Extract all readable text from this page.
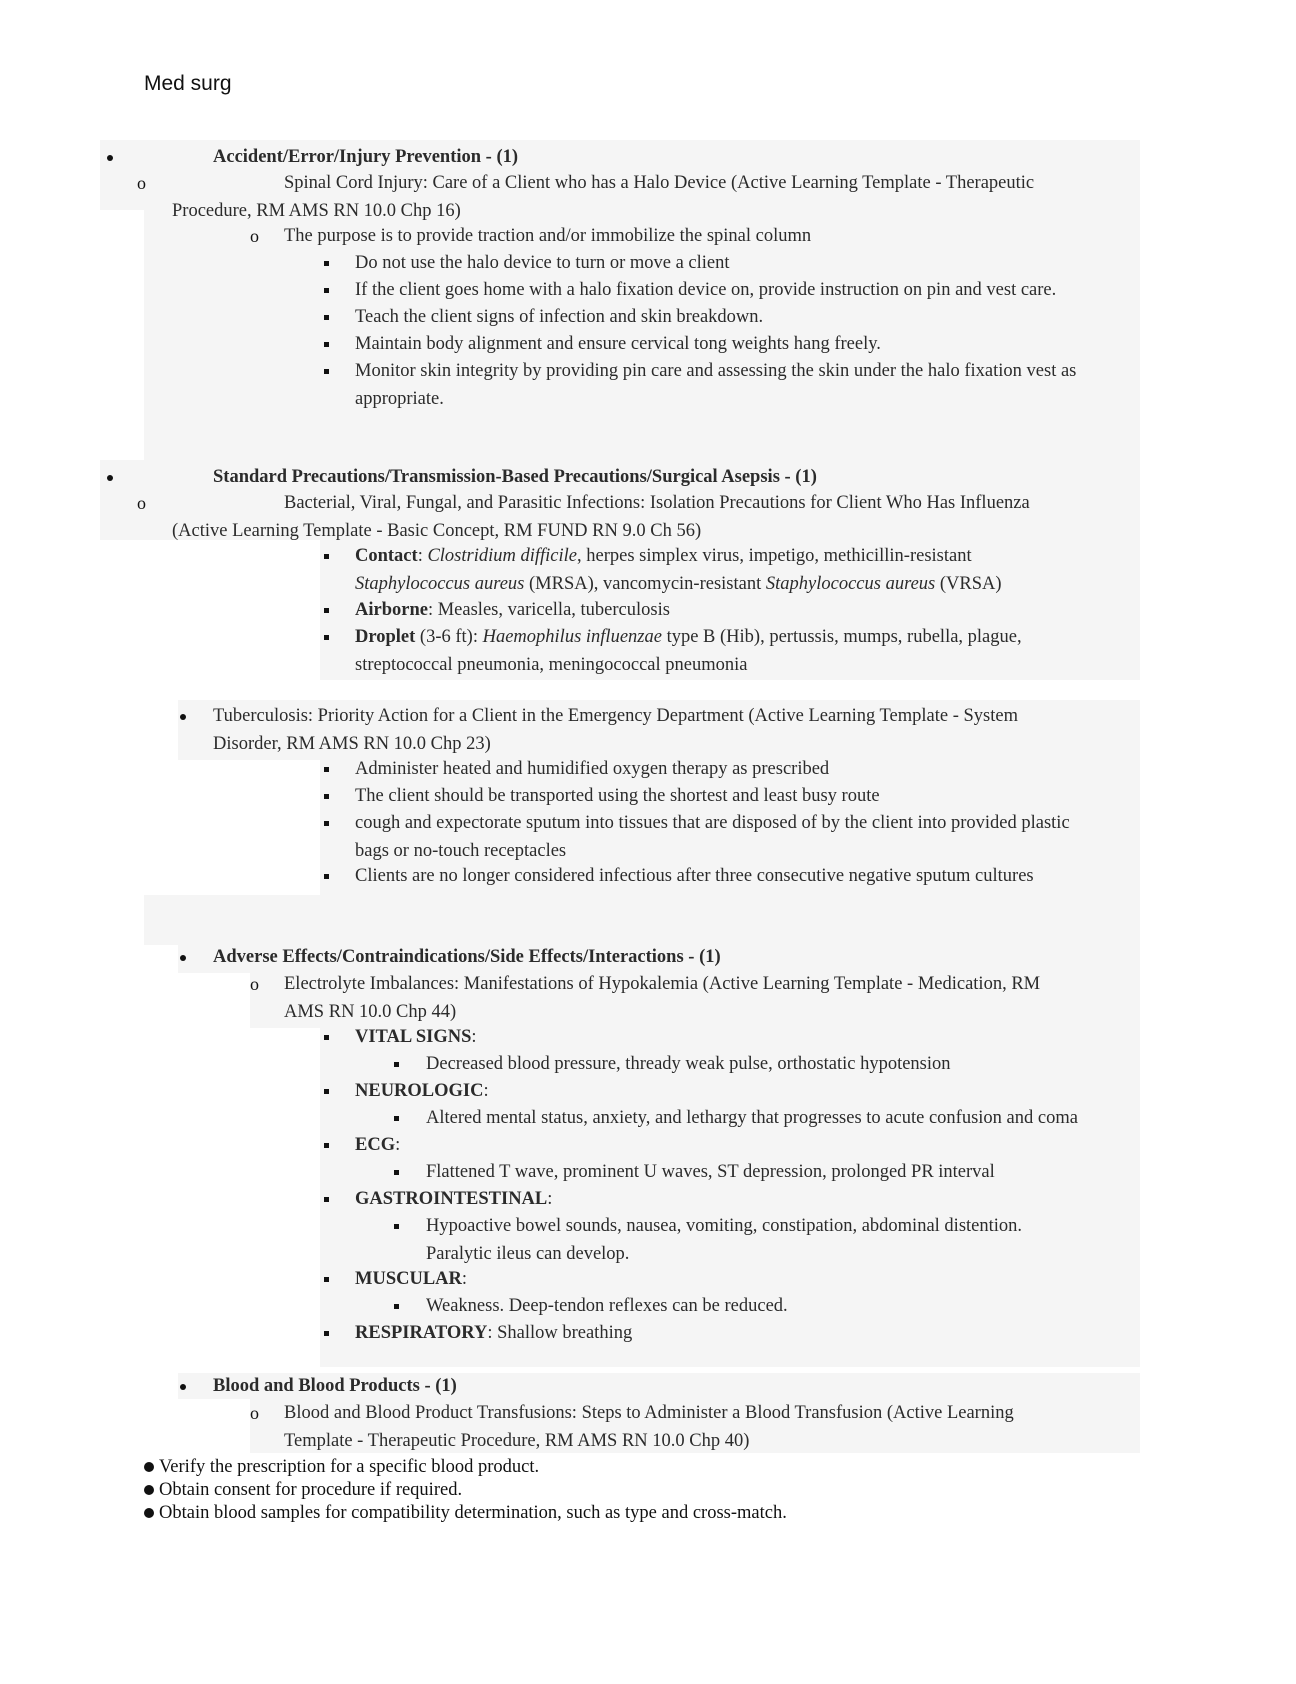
Med surg
Accident/Error/Injury Prevention - (1)
o	Spinal Cord Injury: Care of a Client who has a Halo Device (Active Learning Template - Therapeutic
Procedure, RM AMS RN 10.0 Chp 16)
o The purpose is to provide traction and/or immobilize the spinal column
Do not use the halo device to turn or move a client
If the client goes home with a halo fixation device on, provide instruction on pin and vest care.
Teach the client signs of infection and skin breakdown.
Maintain body alignment and ensure cervical tong weights hang freely.
Monitor skin integrity by providing pin care and assessing the skin under the halo fixation vest as
appropriate.
Standard Precautions/Transmission-Based Precautions/Surgical Asepsis - (1)
o	Bacterial, Viral, Fungal, and Parasitic Infections: Isolation Precautions for Client Who Has Influenza
(Active Learning Template - Basic Concept, RM FUND RN 9.0 Ch 56)
Contact: Clostridium difficile, herpes simplex virus, impetigo, methicillin-resistant
Staphylococcus aureus (MRSA), vancomycin-resistant Staphylococcus aureus (VRSA)
Airborne: Measles, varicella, tuberculosis
Droplet (3-6 ft): Haemophilus influenzae type B (Hib), pertussis, mumps, rubella, plague,
streptococcal pneumonia, meningococcal pneumonia
Tuberculosis: Priority Action for a Client in the Emergency Department (Active Learning Template - System
Disorder, RM AMS RN 10.0 Chp 23)
Administer heated and humidified oxygen therapy as prescribed
The client should be transported using the shortest and least busy route
cough and expectorate sputum into tissues that are disposed of by the client into provided plastic
bags or no-touch receptacles
Clients are no longer considered infectious after three consecutive negative sputum cultures
Adverse Effects/Contraindications/Side Effects/Interactions - (1)
o Electrolyte Imbalances: Manifestations of Hypokalemia (Active Learning Template - Medication, RM
AMS RN 10.0 Chp 44)
VITAL SIGNS:
Decreased blood pressure, thready weak pulse, orthostatic hypotension
NEUROLOGIC:
Altered mental status, anxiety, and lethargy that progresses to acute confusion and coma
ECG:
Flattened T wave, prominent U waves, ST depression, prolonged PR interval
GASTROINTESTINAL:
Hypoactive bowel sounds, nausea, vomiting, constipation, abdominal distention.
Paralytic ileus can develop.
MUSCULAR:
Weakness. Deep-tendon reflexes can be reduced.
RESPIRATORY: Shallow breathing
Blood and Blood Products - (1)
o Blood and Blood Product Transfusions: Steps to Administer a Blood Transfusion (Active Learning
Template - Therapeutic Procedure, RM AMS RN 10.0 Chp 40)
Verify the prescription for a specific blood product.
Obtain consent for procedure if required.
Obtain blood samples for compatibility determination, such as type and cross-match.
